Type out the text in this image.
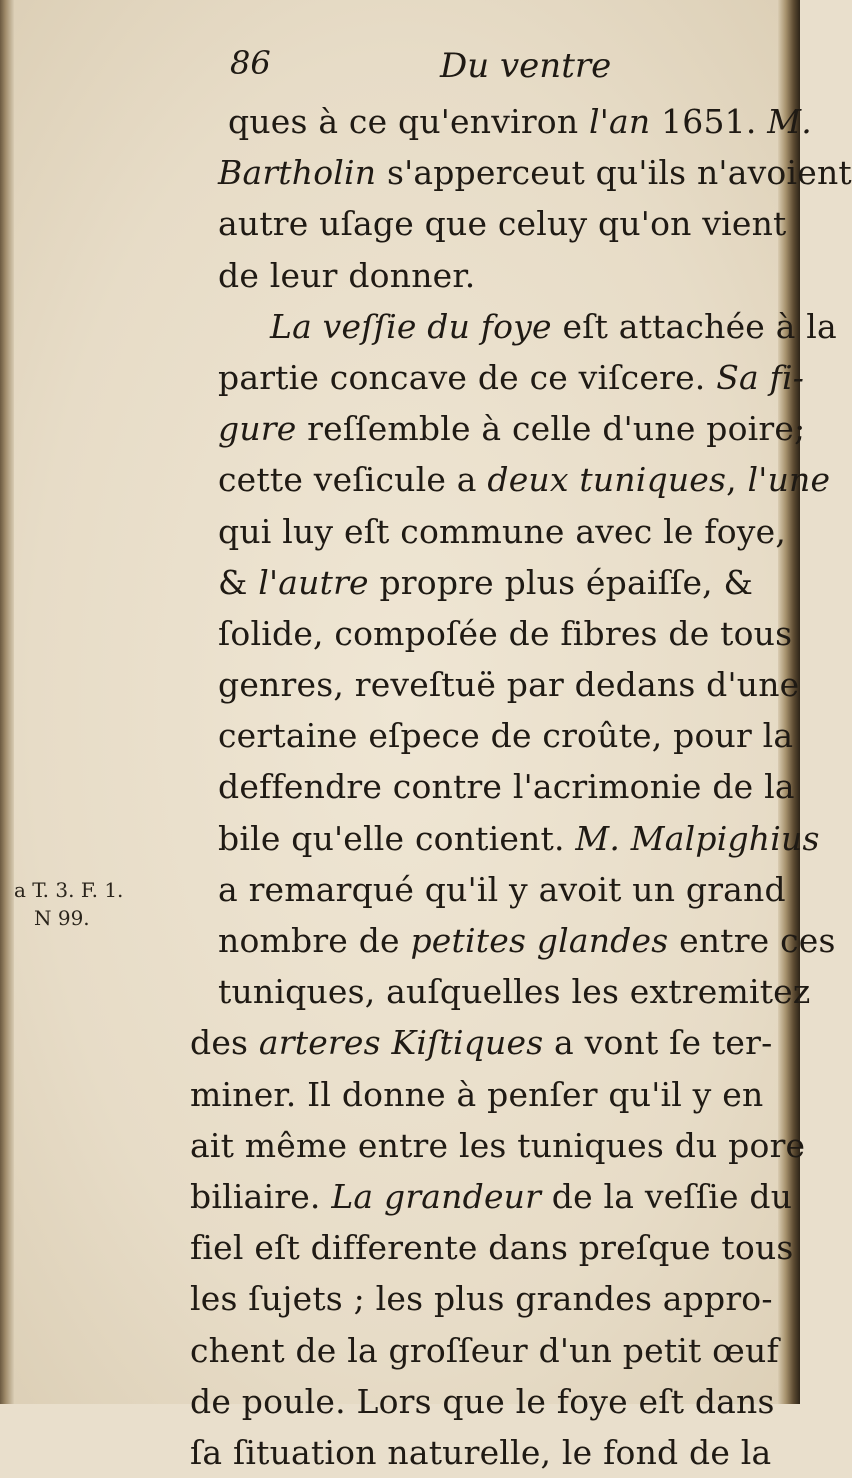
86	Du ventre
a T. 3. F. 1.
N 99.
ques à ce qu'environ l'an 1651. M.
Bartholin s'apperceut qu'ils n'avoient
autre uſage que celuy qu'on vient
de leur donner.
La veſſie du foye eſt attachée à la
partie concave de ce viſcere. Sa fi-
gure reſſemble à celle d'une poire;
cette veſicule a deux tuniques, l'une
qui luy eſt commune avec le foye,
& l'autre propre plus épaiſſe, &
ſolide, compoſée de fibres de tous
genres, reveſtuë par dedans d'une
certaine eſpece de croûte, pour la
deffendre contre l'acrimonie de la
bile qu'elle contient. M. Malpighius
a remarqué qu'il y avoit un grand
nombre de petites glandes entre ces
tuniques, auſquelles les extremitez
des arteres Kiſtiques a vont ſe ter-
miner. Il donne à penſer qu'il y en
ait même entre les tuniques du pore
biliaire. La grandeur de la veſſie du
fiel eſt differente dans preſque tous
les ſujets ; les plus grandes appro-
chent de la groſſeur d'un petit œuf
de poule. Lors que le foye eſt dans
ſa ſituation naturelle, le fond de la
